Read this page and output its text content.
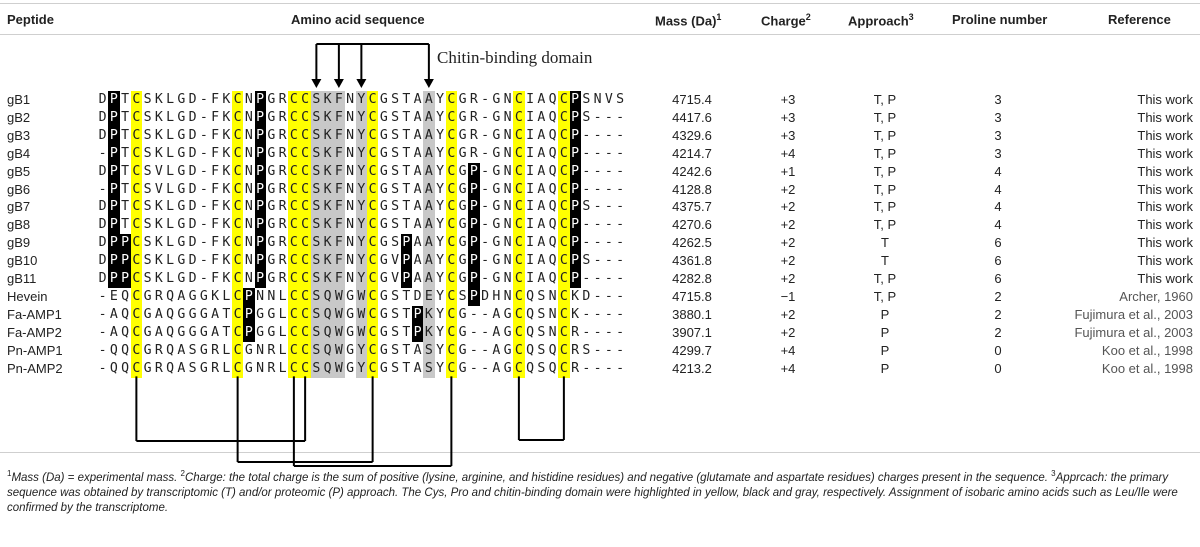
Peptide	Amino acid sequence	Mass $(Da)^1$	Charge$^2$	Approach$^3$	Proline number	Reference
Chitin-binding domain
gB1	D P T C S K L G D - F K C N P G R C C S K F N Y C G S T A A Y C G R - G N C I A Q C P S N V S	4715.4	+3	T, P	3	This work
gB2	D P T C S K L G D - F K C N P G R C C S K F N Y C G S T A A Y C G R - G N C I A Q C P S - - -	4417.6	+3	T, P	3	This work
gB3	D P T C S K L G D - F K C N P G R C C S K F N Y C G S T A A Y C G R - G N C I A Q C P - - - -	4329.6	+3	T, P	3	This work
gB4	- P T C S K L G D - F K C N P G R C C S K F N Y C G S T A A Y C G R - G N C I A Q C P - - - -	4214.7	+4	T, P	3	This work
gB5	D P T C S V L G D - F K C N P G R C C S K F N Y C G S T A A Y C G P - G N C I A Q C P - - - -	4242.6	+1	T, P	4	This work
gB6	- P T C S V L G D - F K C N P G R C C S K F N Y C G S T A A Y C G P - G N C I A Q C P - - - -	4128.8	+2	T, P	4	This work
gB7	D P T C S K L G D - F K C N P G R C C S K F N Y C G S T A A Y C G P - G N C I A Q C P S - - -	4375.7	+2	T, P	4	This work
gB8	D P T C S K L G D - F K C N P G R C C S K F N Y C G S T A A Y C G P - G N C I A Q C P - - - -	4270.6	+2	T, P	4	This work
gB9	D P P C S K L G D - F K C N P G R C C S K F N Y C G S P A A Y C G P - G N C I A Q C P - - - -	4262.5	+2	T	6	This work
gB10	D P P C S K L G D - F K C N P G R C C S K F N Y C G V P A A Y C G P - G N C I A Q C P S - - -	4361.8	+2	T	6	This work
gB11	D P P C S K L G D - F K C N P G R C C S K F N Y C G V P A A Y C G P - G N C I A Q C P - - - -	4282.8	+2	T, P	6	This work
Hevein	- E Q C G R Q A G G K L C P N N L C C S Q W G W C G S T D E Y C S P D H N C Q S N C K D - - -	4715.8	−1	T, P	2	Archer, 1960
Fa-AMP1	- A Q C G A Q G G G A T C P G G L C C S Q W G W C G S T P K Y C G - - A G C Q S N C K - - - -	3880.1	+2	P	2	Fujimura et al., 2003
Fa-AMP2	- A Q C G A Q G G G A T C P G G L C C S Q W G W C G S T P K Y C G - - A G C Q S N C R - - - -	3907.1	+2	P	2	Fujimura et al., 2003
Pn-AMP1	- Q Q C G R Q A S G R L C G N R L C C S Q W G Y C G S T A S Y C G - - A G C Q S Q C R S - - -	4299.7	+4	P	0	Koo et al., 1998
Pn-AMP2	- Q Q C G R Q A S G R L C G N R L C C S Q W G Y C G S T A S Y C G - - A G C Q S Q C R - - - -	4213.2	+4	P	0	Koo et al., 1998
$^1$Mass (Da) = experimental mass. $^2$Charge: the total charge is the sum of positive (lysine, arginine, and histidine residues) and negative (glutamate and aspartate residues) charges present in the sequence. $^3$Apprcach: the primary sequence was obtained by transcriptomic (T) and/or proteomic (P) approach. The Cys, Pro and chitin-binding domain were highlighted in yellow, black and gray, respectively. Assignment of isobaric amino acids such as Leu/Ile were confirmed by the transcriptome.
